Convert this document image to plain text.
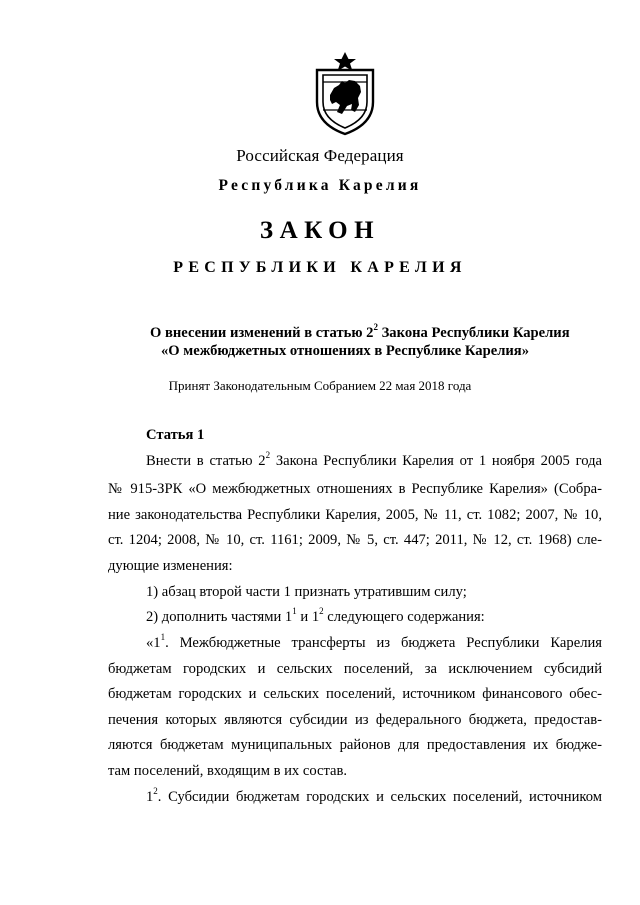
Российская Федерация
Республика Карелия
ЗАКОН
РЕСПУБЛИКИ КАРЕЛИЯ
О внесении изменений в статью $2^2$ Закона Республики Карелия
«О межбюджетных отношениях в Республике Карелия»
Принят Законодательным Собранием 22 мая 2018 года
Статья 1
Внести в статью $2^2$ Закона Республики Карелия от 1 ноября 2005 года
№ 915-ЗРК «О межбюджетных отношениях в Республике Карелия» (Собра-
ние законодательства Республики Карелия, 2005, № 11, ст. 1082; 2007, № 10,
ст. 1204; 2008, № 10, ст. 1161; 2009, № 5, ст. 447; 2011, № 12, ст. 1968) сле-
дующие изменения:
1) абзац второй части 1 признать утратившим силу;
2) дополнить частями $1^1$ и $1^2$ следующего содержания:
«$1^1$. Межбюджетные трансферты из бюджета Республики Карелия
бюджетам городских и сельских поселений, за исключением субсидий
бюджетам городских и сельских поселений, источником финансового обес-
печения которых являются субсидии из федерального бюджета, предостав-
ляются бюджетам муниципальных районов для предоставления их бюдже-
там поселений, входящим в их состав.
$1^2$. Субсидии бюджетам городских и сельских поселений, источником
